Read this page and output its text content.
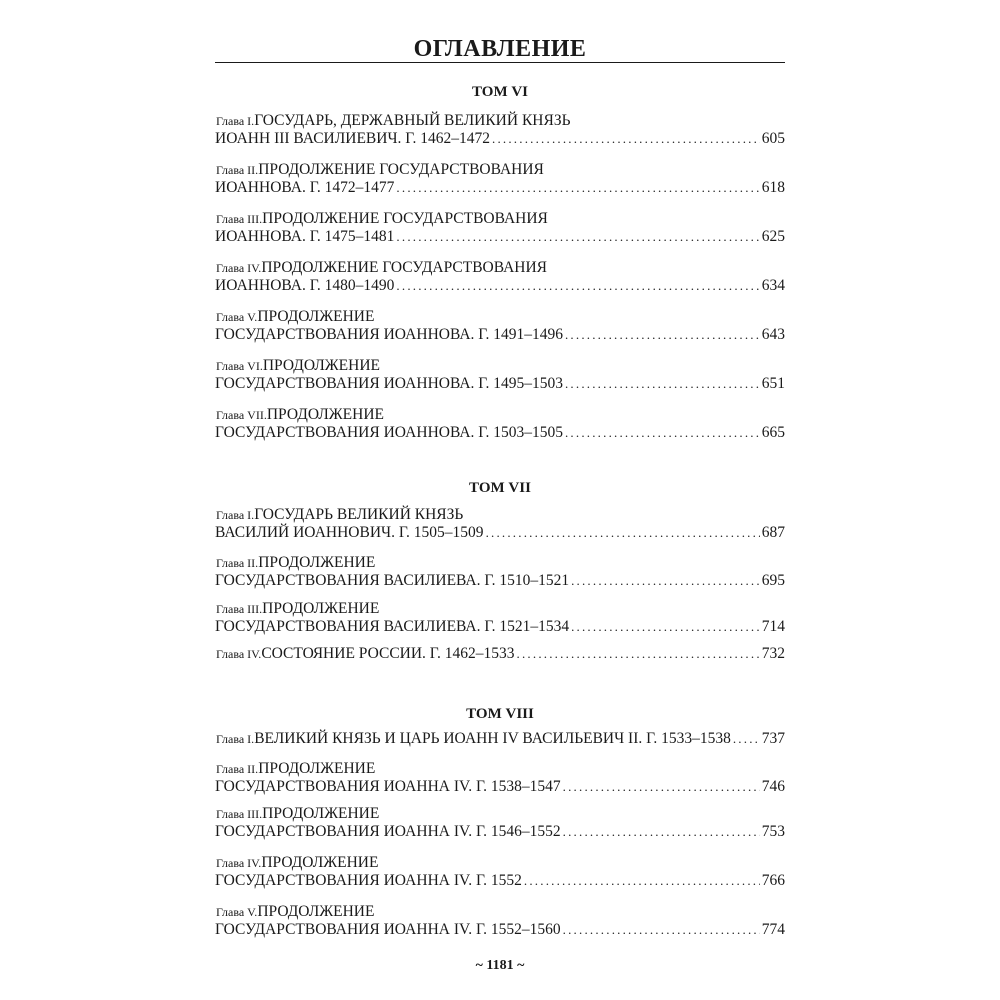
ОГЛАВЛЕНИЕ
ТОМ VI
Глава I. ГОСУДАРЬ, ДЕРЖАВНЫЙ ВЕЛИКИЙ КНЯЗЬ
ИОАНН III ВАСИЛИЕВИЧ. Г. 1462–1472 .....	605
Глава II. ПРОДОЛЖЕНИЕ ГОСУДАРСТВОВАНИЯ
ИОАННОВА. Г. 1472–1477 .....	618
Глава III. ПРОДОЛЖЕНИЕ ГОСУДАРСТВОВАНИЯ
ИОАННОВА. Г. 1475–1481 .....	625
Глава IV. ПРОДОЛЖЕНИЕ ГОСУДАРСТВОВАНИЯ
ИОАННОВА. Г. 1480–1490 .....	634
Глава V. ПРОДОЛЖЕНИЕ
ГОСУДАРСТВОВАНИЯ ИОАННОВА. Г. 1491–1496 .....	643
Глава VI. ПРОДОЛЖЕНИЕ
ГОСУДАРСТВОВАНИЯ ИОАННОВА. Г. 1495–1503 .....	651
Глава VII. ПРОДОЛЖЕНИЕ
ГОСУДАРСТВОВАНИЯ ИОАННОВА. Г. 1503–1505 .....	665
ТОМ VII
Глава I. ГОСУДАРЬ ВЕЛИКИЙ КНЯЗЬ
ВАСИЛИЙ ИОАННОВИЧ. Г. 1505–1509 .....	687
Глава II. ПРОДОЛЖЕНИЕ
ГОСУДАРСТВОВАНИЯ ВАСИЛИЕВА. Г. 1510–1521 .....	695
Глава III. ПРОДОЛЖЕНИЕ
ГОСУДАРСТВОВАНИЯ ВАСИЛИЕВА. Г. 1521–1534 .....	714
Глава IV. СОСТОЯНИЕ РОССИИ. Г. 1462–1533 .....	732
ТОМ VIII
Глава I. ВЕЛИКИЙ КНЯЗЬ И ЦАРЬ ИОАНН IV ВАСИЛЬЕВИЧ II. Г. 1533–1538 ..... 737
Глава II. ПРОДОЛЖЕНИЕ
ГОСУДАРСТВОВАНИЯ ИОАННА IV. Г. 1538–1547 .....	746
Глава III. ПРОДОЛЖЕНИЕ
ГОСУДАРСТВОВАНИЯ ИОАННА IV. Г. 1546–1552 .....	753
Глава IV. ПРОДОЛЖЕНИЕ
ГОСУДАРСТВОВАНИЯ ИОАННА IV. Г. 1552 .....	766
Глава V. ПРОДОЛЖЕНИЕ
ГОСУДАРСТВОВАНИЯ ИОАННА IV. Г. 1552–1560 .....	774
~ 1181 ~
